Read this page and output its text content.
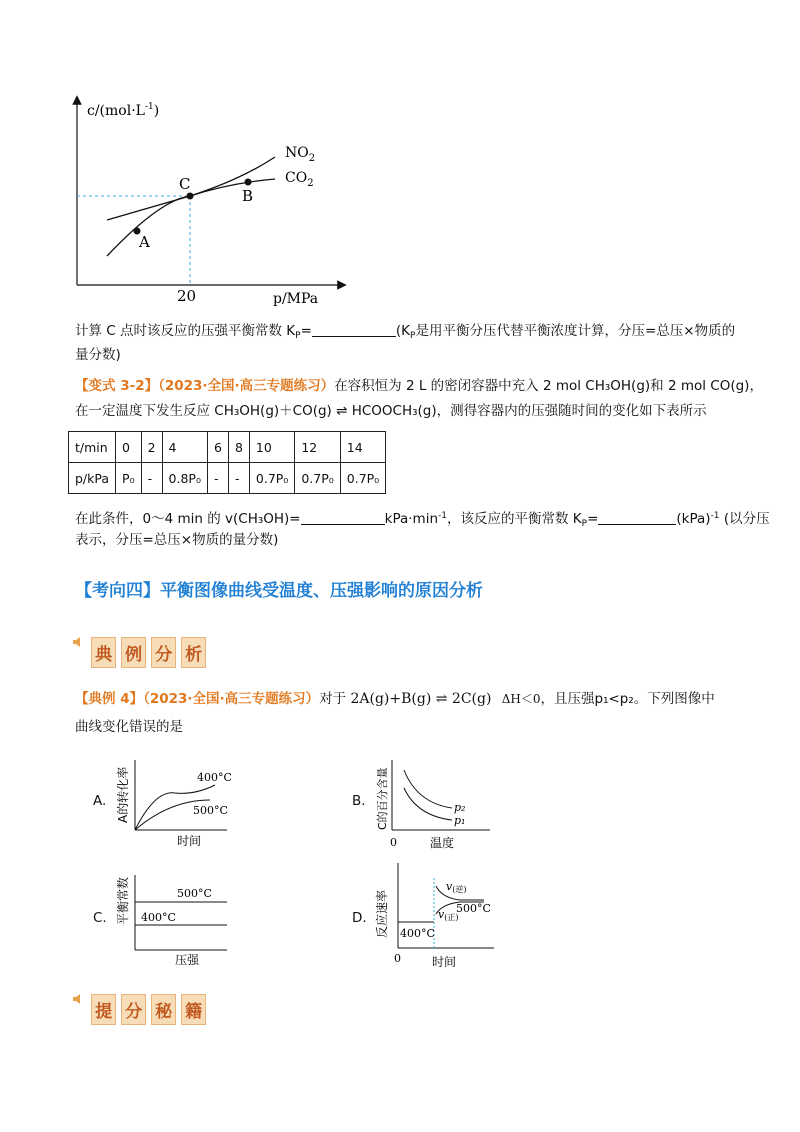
$c/(mol\cdot L^{-1})$
p/MPa
20
$NO_2$
$CO_2$
A
B
C
计算 C 点时该反应的压强平衡常数 $K_P=$	($K_P$是用平衡分压代替平衡浓度计算，分压=总压×物质的
量分数)
【变式 3-2】（2023·全国·高三专题练习）在容积恒为 2 L 的密闭容器中充入 2 mol CH₃OH(g)和 2 mol CO(g)，
在一定温度下发生反应 CH₃OH(g)＋CO(g) ⇌ HCOOCH₃(g)，测得容器内的压强随时间的变化如下表所示
t/min	0	2	4	6	8	10	12	14
p/kPa	P₀	-	0.8P₀	-	-	0.7P₀	0.7P₀	0.7P₀
在此条件，0～4 min 的 v(CH₃OH)=	$kPa\cdot\min^{-1}$，该反应的平衡常数 $K_P=$	(kPa)$^{-1}$ (以分压
表示，分压=总压×物质的量分数)
【考向四】平衡图像曲线受温度、压强影响的原因分析
典 例 分 析
【典例 4】（2023·全国·高三专题练习）对于 2A(g)+B(g) ⇌ 2C(g) ΔH＜0，且压强p₁<p₂。下列图像中
曲线变化错误的是
A. A的转化率	400°C
500°C
时间
B. C的百分含量	p₂
p₁
0	温度
C. 平衡常数	500°C
400°C
压强
D. 反应速率
v(逆)
v(正)
500°C
400°C
0	时间
提 分 秘 籍
